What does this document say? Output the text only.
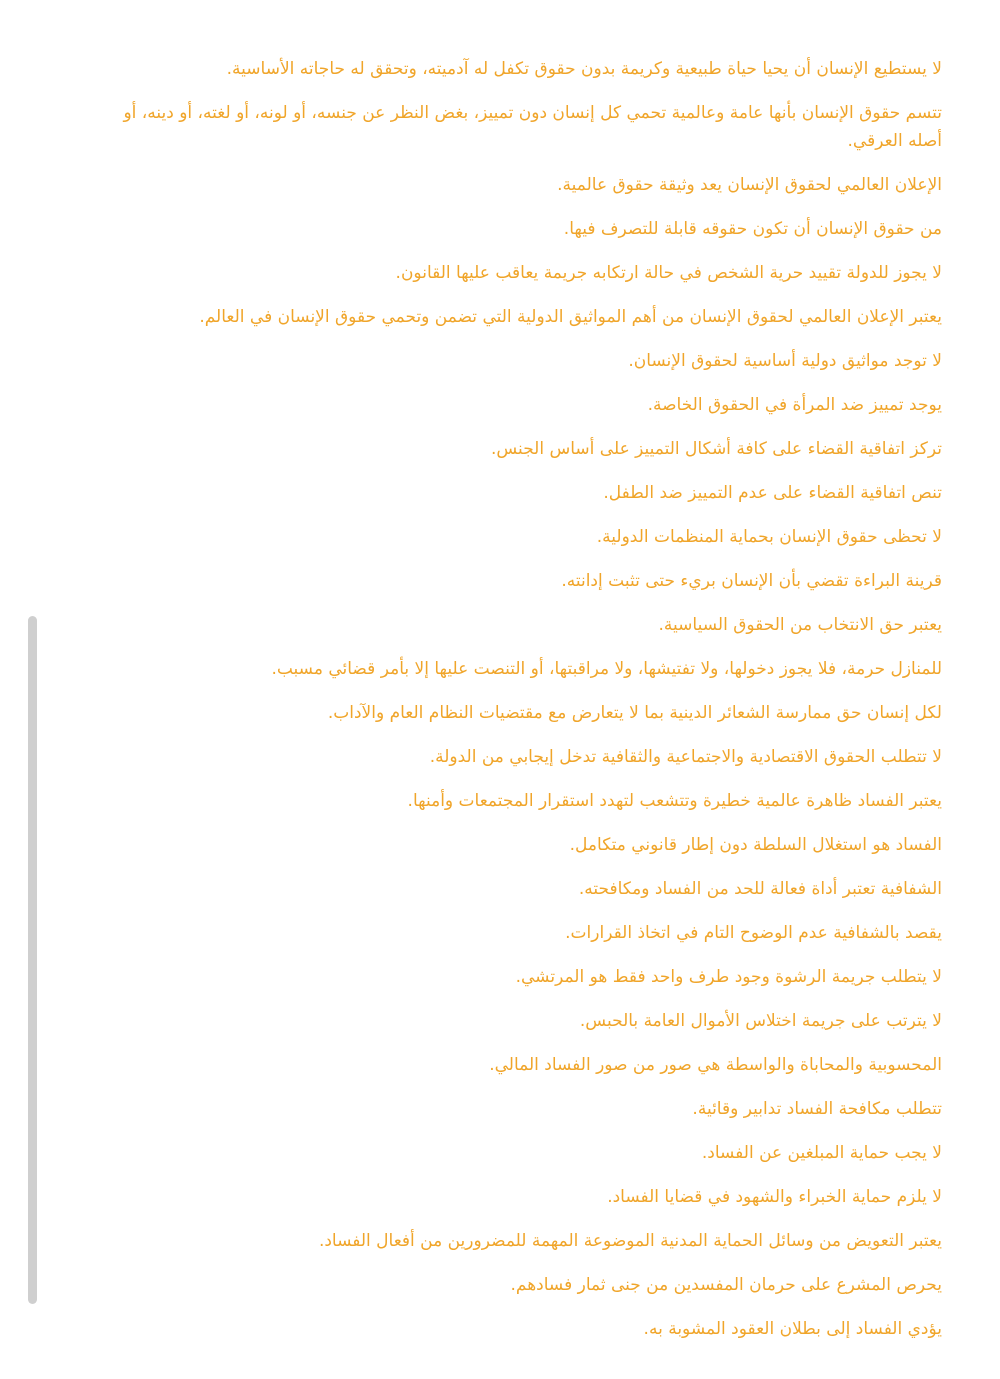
لا يستطيع الإنسان أن يحيا حياة طبيعية وكريمة بدون حقوق تكفل له آدميته، وتحقق له حاجاته الأساسية.

تتسم حقوق الإنسان بأنها عامة وعالمية تحمي كل إنسان دون تمييز، بغض النظر عن جنسه، أو لونه، أو لغته، أو دينه، أو أصله العرقي.

الإعلان العالمي لحقوق الإنسان يعد وثيقة حقوق عالمية.

من حقوق الإنسان أن تكون حقوقه قابلة للتصرف فيها.

لا يجوز للدولة تقييد حرية الشخص في حالة ارتكابه جريمة يعاقب عليها القانون.

يعتبر الإعلان العالمي لحقوق الإنسان من أهم المواثيق الدولية التي تضمن وتحمي حقوق الإنسان في العالم.

لا توجد مواثيق دولية أساسية لحقوق الإنسان.

يوجد تمييز ضد المرأة في الحقوق الخاصة.

تركز اتفاقية القضاء على كافة أشكال التمييز على أساس الجنس.

تنص اتفاقية القضاء على عدم التمييز ضد الطفل.

لا تحظى حقوق الإنسان بحماية المنظمات الدولية.

قرينة البراءة تقضي بأن الإنسان بريء حتى تثبت إدانته.

يعتبر حق الانتخاب من الحقوق السياسية.

للمنازل حرمة، فلا يجوز دخولها، ولا تفتيشها، ولا مراقبتها، أو التنصت عليها إلا بأمر قضائي مسبب.

لكل إنسان حق ممارسة الشعائر الدينية بما لا يتعارض مع مقتضيات النظام العام والآداب.

لا تتطلب الحقوق الاقتصادية والاجتماعية والثقافية تدخل إيجابي من الدولة.

يعتبر الفساد ظاهرة عالمية خطيرة وتتشعب لتهدد استقرار المجتمعات وأمنها.

الفساد هو استغلال السلطة دون إطار قانوني متكامل.

الشفافية تعتبر أداة فعالة للحد من الفساد ومكافحته.

يقصد بالشفافية عدم الوضوح التام في اتخاذ القرارات.

لا يتطلب جريمة الرشوة وجود طرف واحد فقط هو المرتشي.

لا يترتب على جريمة اختلاس الأموال العامة بالحبس.

المحسوبية والمحاباة والواسطة هي صور من صور الفساد المالي.

تتطلب مكافحة الفساد تدابير وقائية.

لا يجب حماية المبلغين عن الفساد.

لا يلزم حماية الخبراء والشهود في قضايا الفساد.

يعتبر التعويض من وسائل الحماية المدنية الموضوعة المهمة للمضرورين من أفعال الفساد.

يحرص المشرع على حرمان المفسدين من جنى ثمار فسادهم.

يؤدي الفساد إلى بطلان العقود المشوبة به.
